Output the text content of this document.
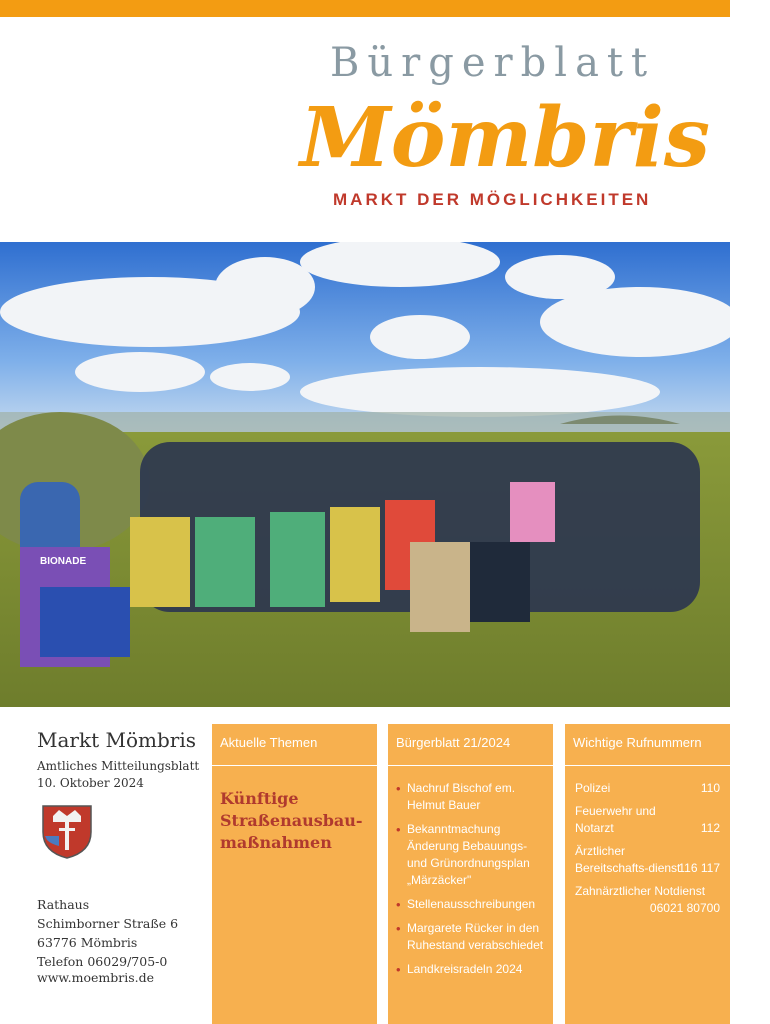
Bürgerblatt
Mömbris
MARKT DER MÖGLICHKEITEN
BIONADE
Markt Mömbris
Amtliches Mitteilungsblatt
10. Oktober 2024
Rathaus
Schimborner Straße 6
63776 Mömbris
Telefon 06029/705-0
www.moembris.de
Aktuelle Themen
Künftige
Straßenausbau-
maßnahmen
Bürgerblatt 21/2024
• Nachruf Bischof em. Helmut Bauer
• Bekanntmachung Änderung Bebauungs- und Grünordnungsplan „Märzäcker"
• Stellenausschreibungen
• Margarete Rücker in den Ruhestand verabschiedet
• Landkreisradeln 2024
Wichtige Rufnummern
Polizei	110
Feuerwehr und Notarzt	112
Ärztlicher Bereitschafts-dienst
116 117
Zahnärztlicher Notdienst
06021 80700
